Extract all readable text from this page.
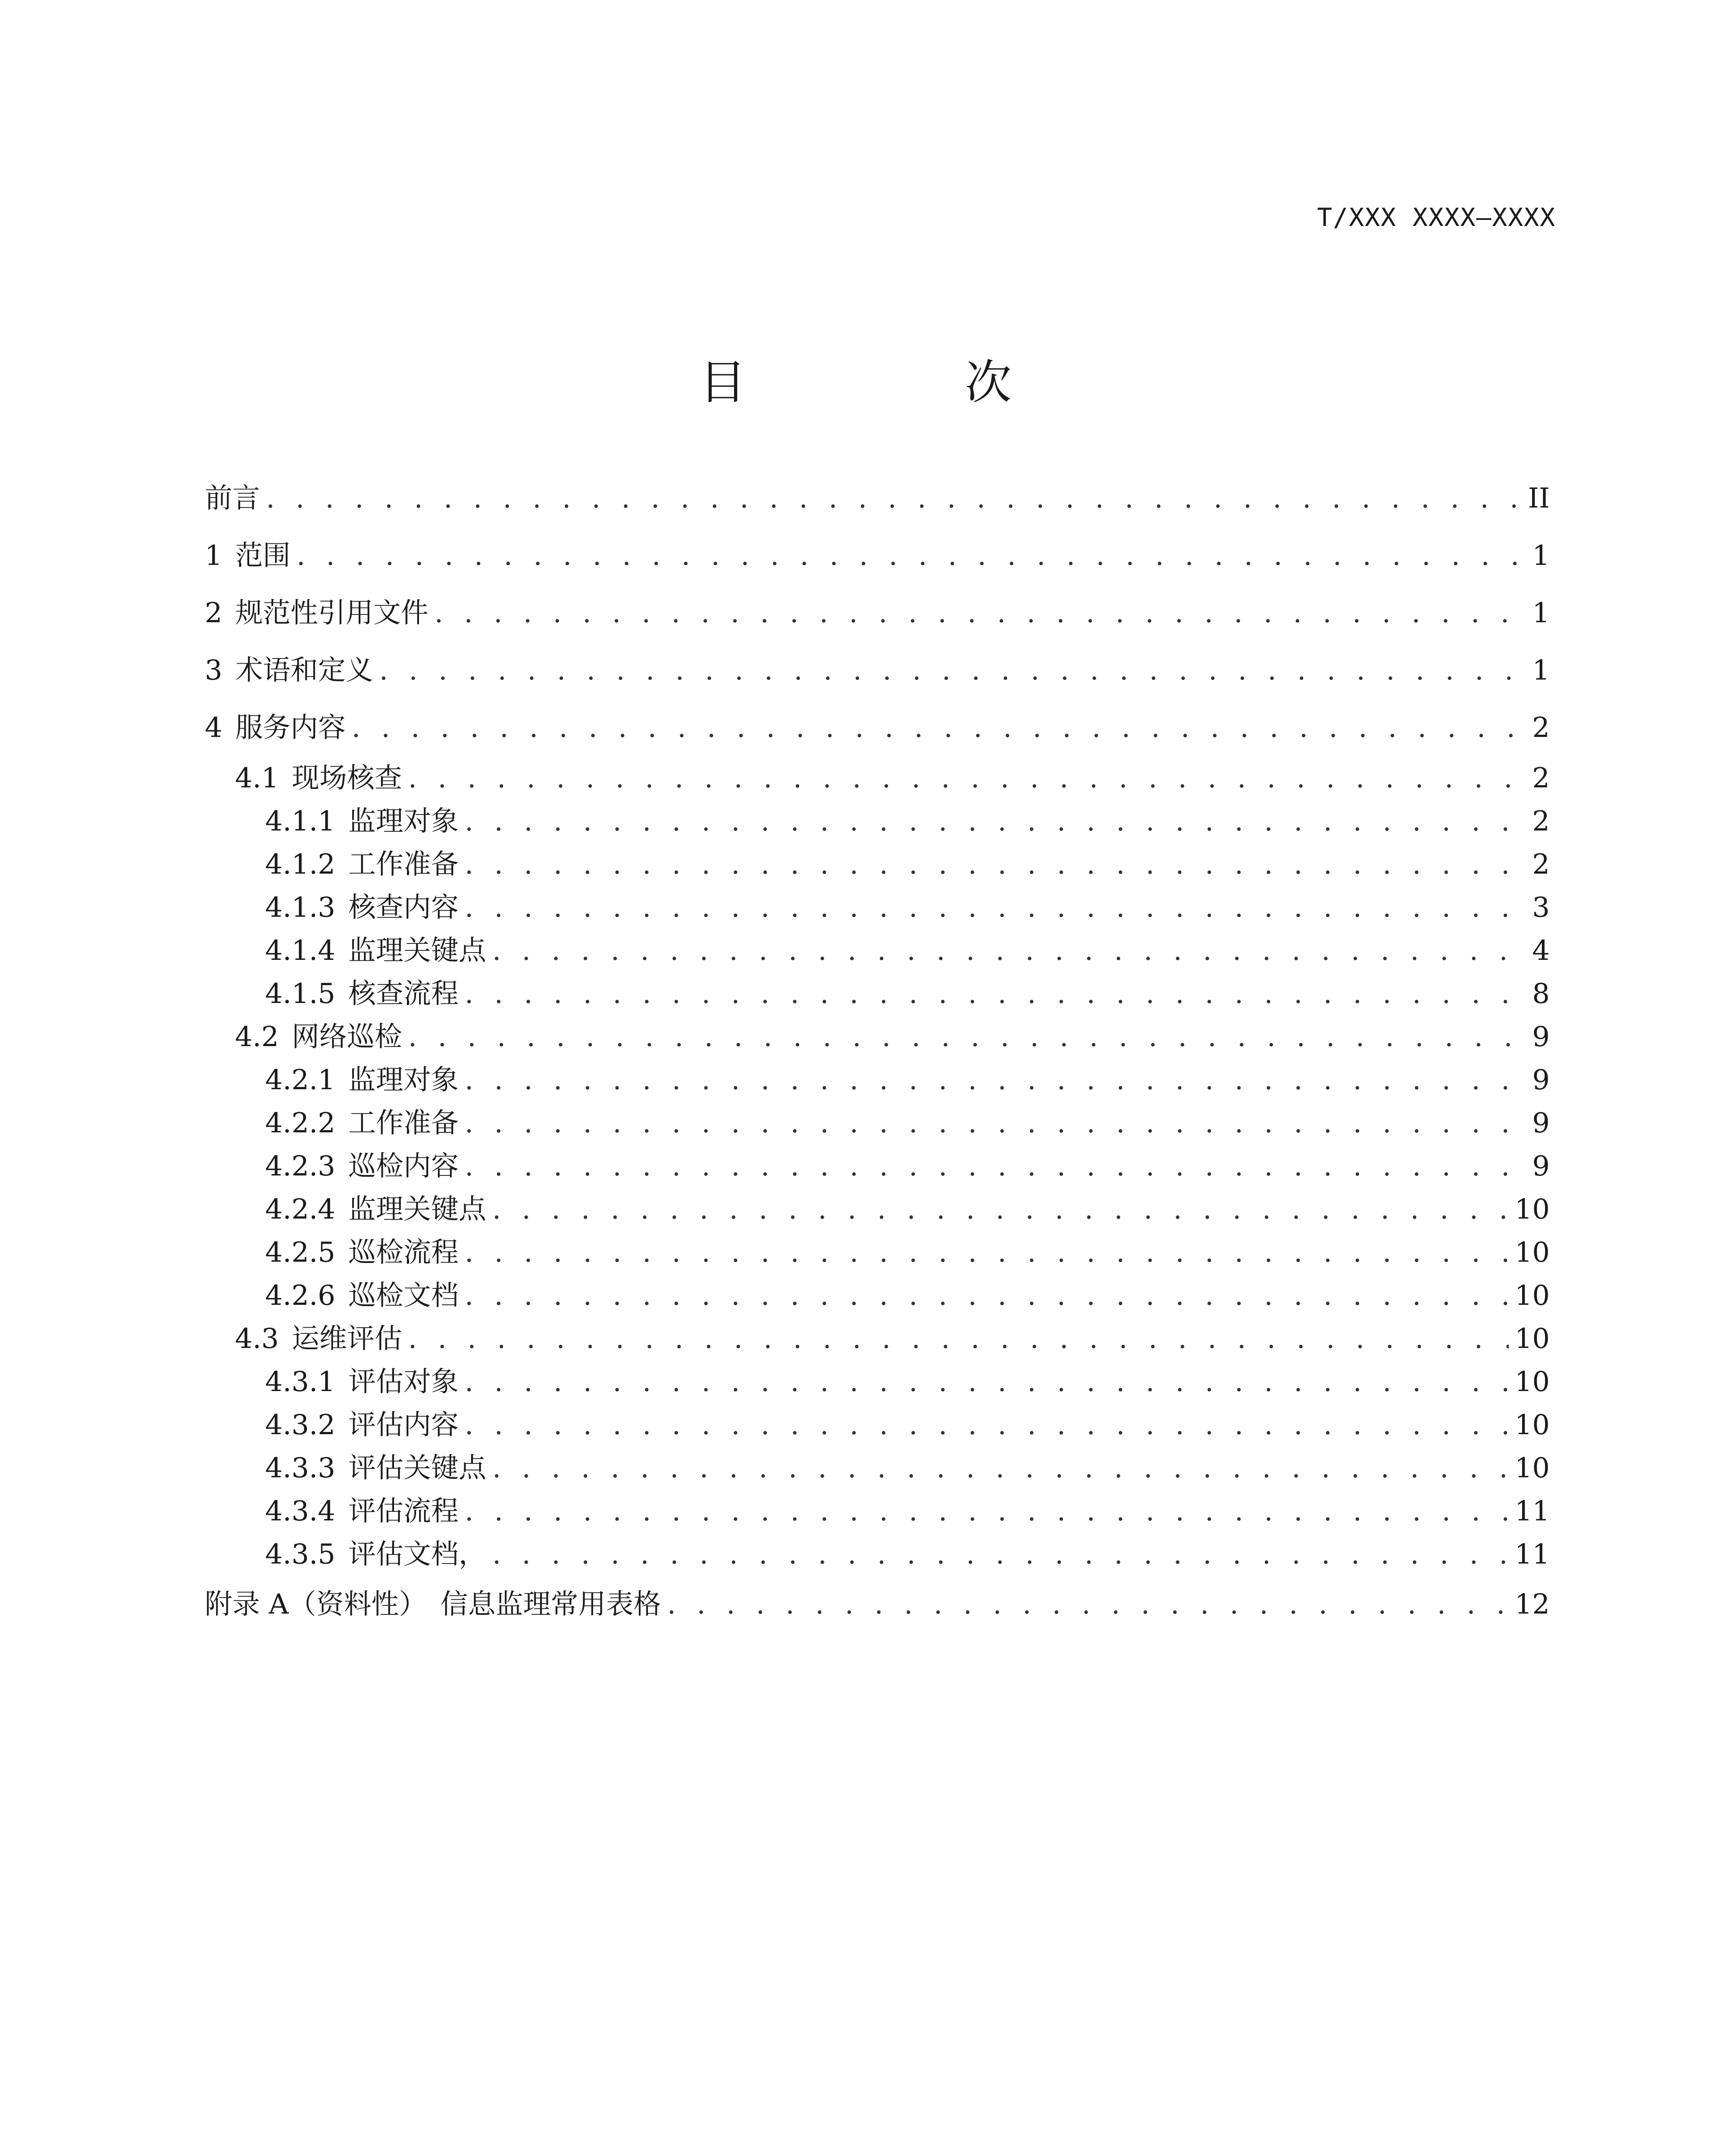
T/XXX XXXX—XXXX
目　次
前言 . . .	II
1 范围 . . .	1
2 规范性引用文件 . . .	1
3 术语和定义 . . .	1
4 服务内容 . . .	2
4.1 现场核查 . . .	2
4.1.1 监理对象 . . .	2
4.1.2 工作准备 . . .	2
4.1.3 核查内容 . . .	3
4.1.4 监理关键点 . . .	4
4.1.5 核查流程 . . .	8
4.2 网络巡检 . . .	9
4.2.1 监理对象 . . .	9
4.2.2 工作准备 . . .	9
4.2.3 巡检内容 . . .	9
4.2.4 监理关键点 . . .	10
4.2.5 巡检流程 . . .	10
4.2.6 巡检文档 . . .	10
4.3 运维评估 . . .	10
4.3.1 评估对象 . . .	10
4.3.2 评估内容 . . .	10
4.3.3 评估关键点 . . .	10
4.3.4 评估流程 . . .	11
4.3.5 评估文档， . . .	11
附录 A（资料性）　信息监理常用表格 . . .	12
